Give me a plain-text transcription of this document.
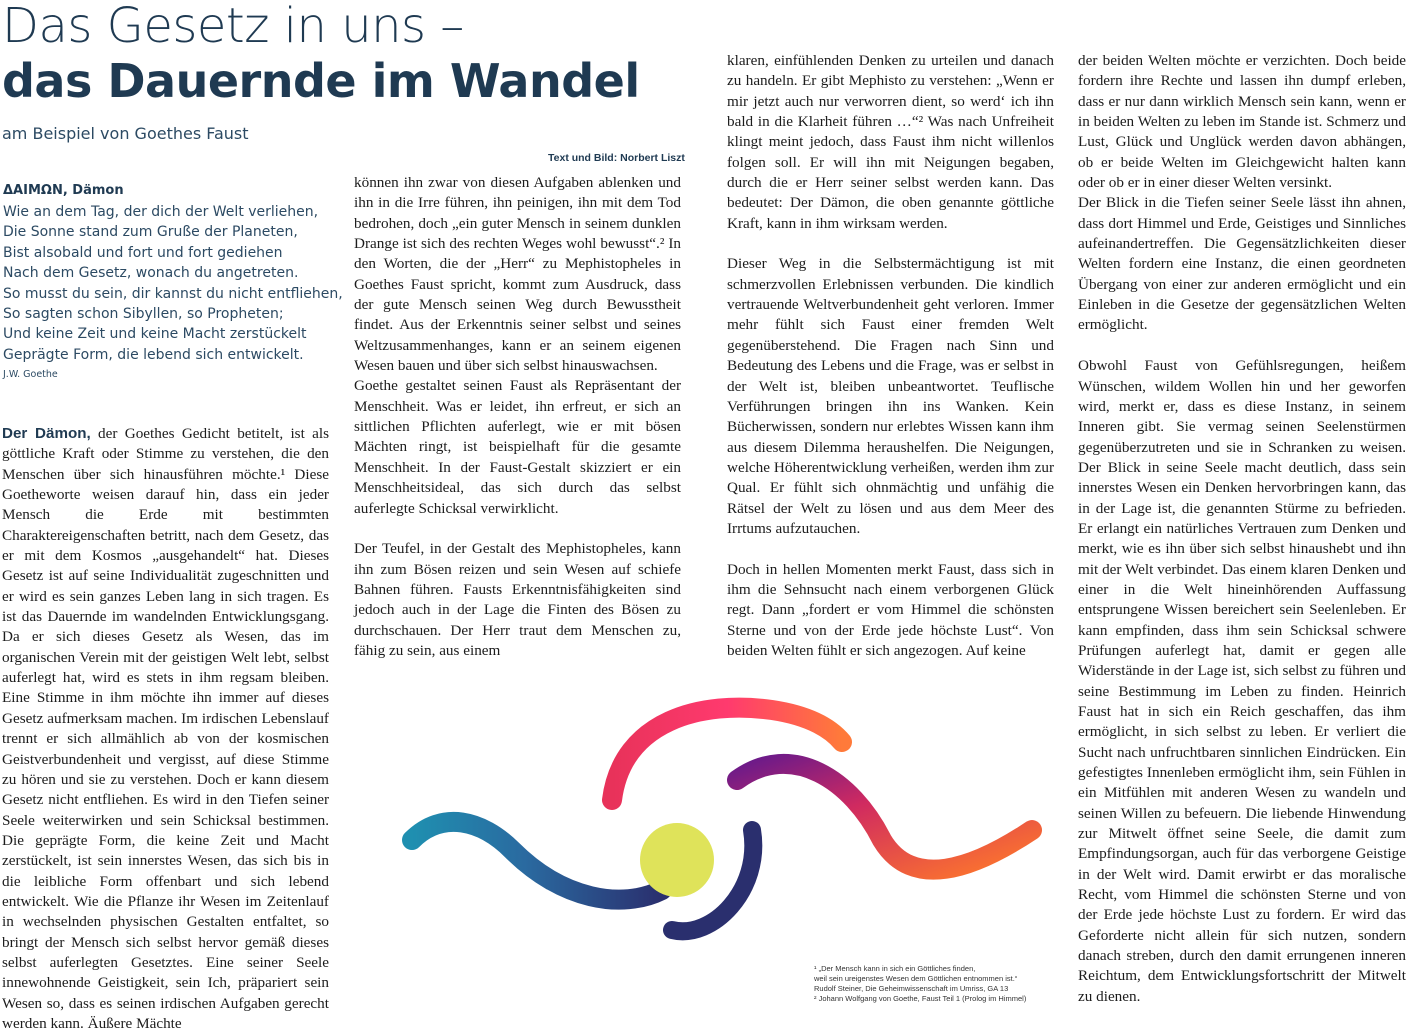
Das Gesetz in uns –
das Dauernde im Wandel
am Beispiel von Goethes Faust
Text und Bild: Norbert Liszt
ΔΑΙΜΩΝ, Dämon
Wie an dem Tag, der dich der Welt verliehen,
Die Sonne stand zum Gruße der Planeten,
Bist alsobald und fort und fort gediehen
Nach dem Gesetz, wonach du angetreten.
So musst du sein, dir kannst du nicht entfliehen,
So sagten schon Sibyllen, so Propheten;
Und keine Zeit und keine Macht zerstückelt
Geprägte Form, die lebend sich entwickelt.
J.W. Goethe

Der Dämon, der Goethes Gedicht betitelt, ist als göttliche Kraft oder Stimme zu verstehen, die den Menschen über sich hinausführen möchte.¹ Diese Goetheworte weisen darauf hin, dass ein jeder Mensch die Erde mit bestimmten Charaktereigenschaften betritt, nach dem Gesetz, das er mit dem Kosmos „ausgehandelt“ hat. Dieses Gesetz ist auf seine Individualität zugeschnitten und er wird es sein ganzes Leben lang in sich tragen. Es ist das Dauernde im wandelnden Entwicklungsgang. Da er sich dieses Gesetz als Wesen, das im organischen Verein mit der geistigen Welt lebt, selbst auferlegt hat, wird es stets in ihm regsam bleiben. Eine Stimme in ihm möchte ihn immer auf dieses Gesetz aufmerksam machen. Im irdischen Lebenslauf trennt er sich allmählich ab von der kosmischen Geistverbundenheit und vergisst, auf diese Stimme zu hören und sie zu verstehen. Doch er kann diesem Gesetz nicht entfliehen. Es wird in den Tiefen seiner Seele weiterwirken und sein Schicksal bestimmen. Die geprägte Form, die keine Zeit und Macht zerstückelt, ist sein innerstes Wesen, das sich bis in die leibliche Form offenbart und sich lebend entwickelt. Wie die Pflanze ihr Wesen im Zeitenlauf in wechselnden physischen Gestalten entfaltet, so bringt der Mensch sich selbst hervor gemäß dieses selbst auferlegten Gesetztes. Eine seiner Seele innewohnende Geistigkeit, sein Ich, präpariert sein Wesen so, dass es seinen irdischen Aufgaben gerecht werden kann. Äußere Mächte

können ihn zwar von diesen Aufgaben ablenken und ihn in die Irre führen, ihn peinigen, ihn mit dem Tod bedrohen, doch „ein guter Mensch in seinem dunklen Drange ist sich des rechten Weges wohl bewusst“.² In den Worten, die der „Herr“ zu Mephistopheles in Goethes Faust spricht, kommt zum Ausdruck, dass der gute Mensch seinen Weg durch Bewusstheit findet. Aus der Erkenntnis seiner selbst und seines Weltzusammenhanges, kann er an seinem eigenen Wesen bauen und über sich selbst hinauswachsen.

Goethe gestaltet seinen Faust als Repräsentant der Menschheit. Was er leidet, ihn erfreut, er sich an sittlichen Pflichten auferlegt, wie er mit bösen Mächten ringt, ist beispielhaft für die gesamte Menschheit. In der Faust-Gestalt skizziert er ein Menschheitsideal, das sich durch das selbst auferlegte Schicksal verwirklicht.

Der Teufel, in der Gestalt des Mephistopheles, kann ihn zum Bösen reizen und sein Wesen auf schiefe Bahnen führen. Fausts Erkenntnisfähigkeiten sind jedoch auch in der Lage die Finten des Bösen zu durchschauen. Der Herr traut dem Menschen zu, fähig zu sein, aus einem

klaren, einfühlenden Denken zu urteilen und danach zu handeln. Er gibt Mephisto zu verstehen: „Wenn er mir jetzt auch nur verworren dient, so werd‘ ich ihn bald in die Klarheit führen …“² Was nach Unfreiheit klingt meint jedoch, dass Faust ihm nicht willenlos folgen soll. Er will ihn mit Neigungen begaben, durch die er Herr seiner selbst werden kann. Das bedeutet: Der Dämon, die oben genannte göttliche Kraft, kann in ihm wirksam werden.

Dieser Weg in die Selbstermächtigung ist mit schmerzvollen Erlebnissen verbunden. Die kindlich vertrauende Weltverbundenheit geht verloren. Immer mehr fühlt sich Faust einer fremden Welt gegenüberstehend. Die Fragen nach Sinn und Bedeutung des Lebens und die Frage, was er selbst in der Welt ist, bleiben unbeantwortet. Teuflische Verführungen bringen ihn ins Wanken. Kein Bücherwissen, sondern nur erlebtes Wissen kann ihm aus diesem Dilemma heraushelfen. Die Neigungen, welche Höherentwicklung verheißen, werden ihm zur Qual. Er fühlt sich ohnmächtig und unfähig die Rätsel der Welt zu lösen und aus dem Meer des Irrtums aufzutauchen.

Doch in hellen Momenten merkt Faust, dass sich in ihm die Sehnsucht nach einem verborgenen Glück regt. Dann „fordert er vom Himmel die schönsten Sterne und von der Erde jede höchste Lust“. Von beiden Welten fühlt er sich angezogen. Auf keine

der beiden Welten möchte er verzichten. Doch beide fordern ihre Rechte und lassen ihn dumpf erleben, dass er nur dann wirklich Mensch sein kann, wenn er in beiden Welten zu leben im Stande ist. Schmerz und Lust, Glück und Unglück werden davon abhängen, ob er beide Welten im Gleichgewicht halten kann oder ob er in einer dieser Welten versinkt.

Der Blick in die Tiefen seiner Seele lässt ihn ahnen, dass dort Himmel und Erde, Geistiges und Sinnliches aufeinandertreffen. Die Gegensätzlichkeiten dieser Welten fordern eine Instanz, die einen geordneten Übergang von einer zur anderen ermöglicht und ein Einleben in die Gesetze der gegensätzlichen Welten ermöglicht.

Obwohl Faust von Gefühlsregungen, heißem Wünschen, wildem Wollen hin und her geworfen wird, merkt er, dass es diese Instanz, in seinem Inneren gibt. Sie vermag seinen Seelenstürmen gegenüberzutreten und sie in Schranken zu weisen. Der Blick in seine Seele macht deutlich, dass sein innerstes Wesen ein Denken hervorbringen kann, das in der Lage ist, die genannten Stürme zu befrieden. Er erlangt ein natürliches Vertrauen zum Denken und merkt, wie es ihn über sich selbst hinaushebt und ihn mit der Welt verbindet. Das einem klaren Denken und einer in die Welt hineinhörenden Auffassung entsprungene Wissen bereichert sein Seelenleben. Er kann empfinden, dass ihm sein Schicksal schwere Prüfungen auferlegt hat, damit er gegen alle Widerstände in der Lage ist, sich selbst zu führen und seine Bestimmung im Leben zu finden. Heinrich Faust hat in sich ein Reich geschaffen, das ihm ermöglicht, in sich selbst zu leben. Er verliert die Sucht nach unfruchtbaren sinnlichen Eindrücken. Ein gefestigtes Innenleben ermöglicht ihm, sein Fühlen in ein Mitfühlen mit anderen Wesen zu wandeln und seinen Willen zu befeuern. Die liebende Hinwendung zur Mitwelt öffnet seine Seele, die damit zum Empfindungsorgan, auch für das verborgene Geistige in der Welt wird. Damit erwirbt er das moralische Recht, vom Himmel die schönsten Sterne und von der Erde jede höchste Lust zu fordern. Er wird das Geforderte nicht allein für sich nutzen, sondern danach streben, durch den damit errungenen inneren Reichtum, dem Entwicklungsfortschritt der Mitwelt zu dienen.

¹ „Der Mensch kann in sich ein Göttliches finden,
weil sein ureigenstes Wesen dem Göttlichen entnommen ist.“
Rudolf Steiner, Die Geheimwissenschaft im Umriss, GA 13
² Johann Wolfgang von Goethe, Faust Teil 1 (Prolog im Himmel)
